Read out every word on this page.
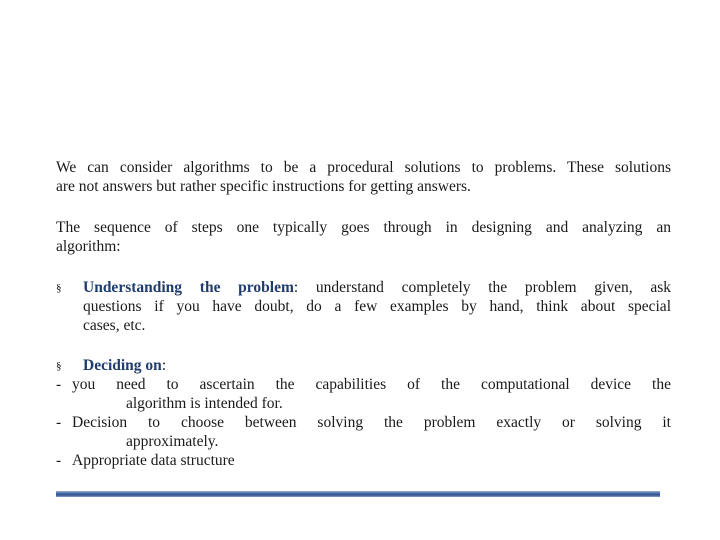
We can consider algorithms to be a procedural solutions to problems. These solutions
are not answers but rather specific instructions for getting answers.

The sequence of steps one typically goes through in designing and analyzing an
algorithm:

§ Understanding the problem: understand completely the problem given, ask
questions if you have doubt, do a few examples by hand, think about special
cases, etc.
§ Deciding on:
- you need to ascertain the capabilities of the computational device the
algorithm is intended for.
- Decision to choose between solving the problem exactly or solving it
approximately.
- Appropriate data structure
